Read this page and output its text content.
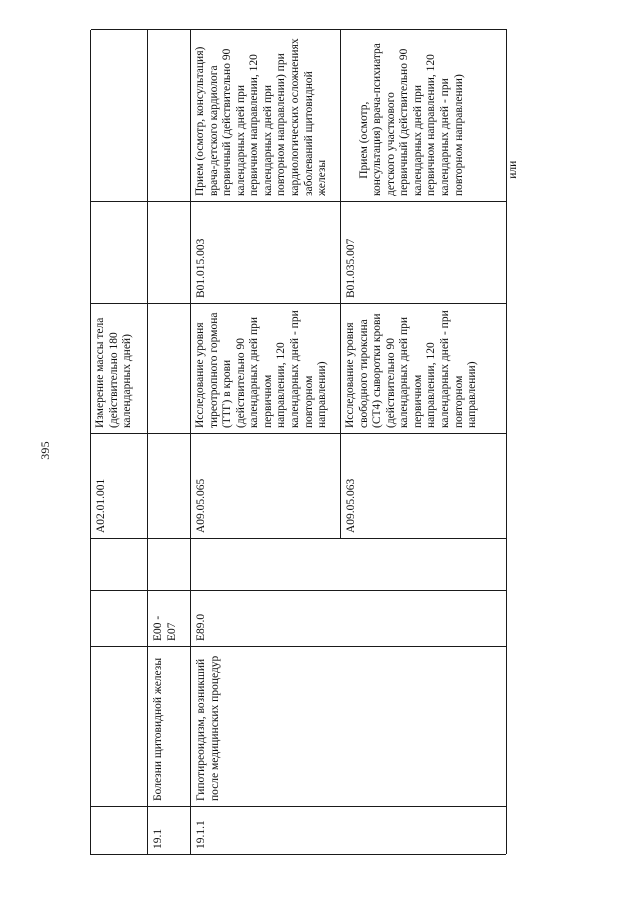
395
A02.01.001
Измерение массы тела (действительно 180 календарных дней)
19.1
Болезни щитовидной железы
E00 - E07
19.1.1
Гипотиреоидизм, возникший после медицинских процедур
E89.0
A09.05.065
Исследование уровня тиреотропного гормона (ТТГ) в крови (действительно 90 календарных дней при первичном направлении, 120 календарных дней - при повторном направлении)
B01.015.003
Прием (осмотр, консультация) врача-детского кардиолога первичный (действительно 90 календарных дней при первичном направлении, 120 календарных дней при повторном направлении) при кардиологических осложнениях заболеваний щитовидной железы
A09.05.063
Исследование уровня свободного тироксина (СТ4) сыворотки крови (действительно 90 календарных дней при первичном направлении, 120 календарных дней - при повторном направлении)
B01.035.007

Прием (осмотр, консультация) врача-психиатра детского участкового первичный (действительно 90 календарных дней при первичном направлении, 120 календарных дней - при повторном направлении)
	или
